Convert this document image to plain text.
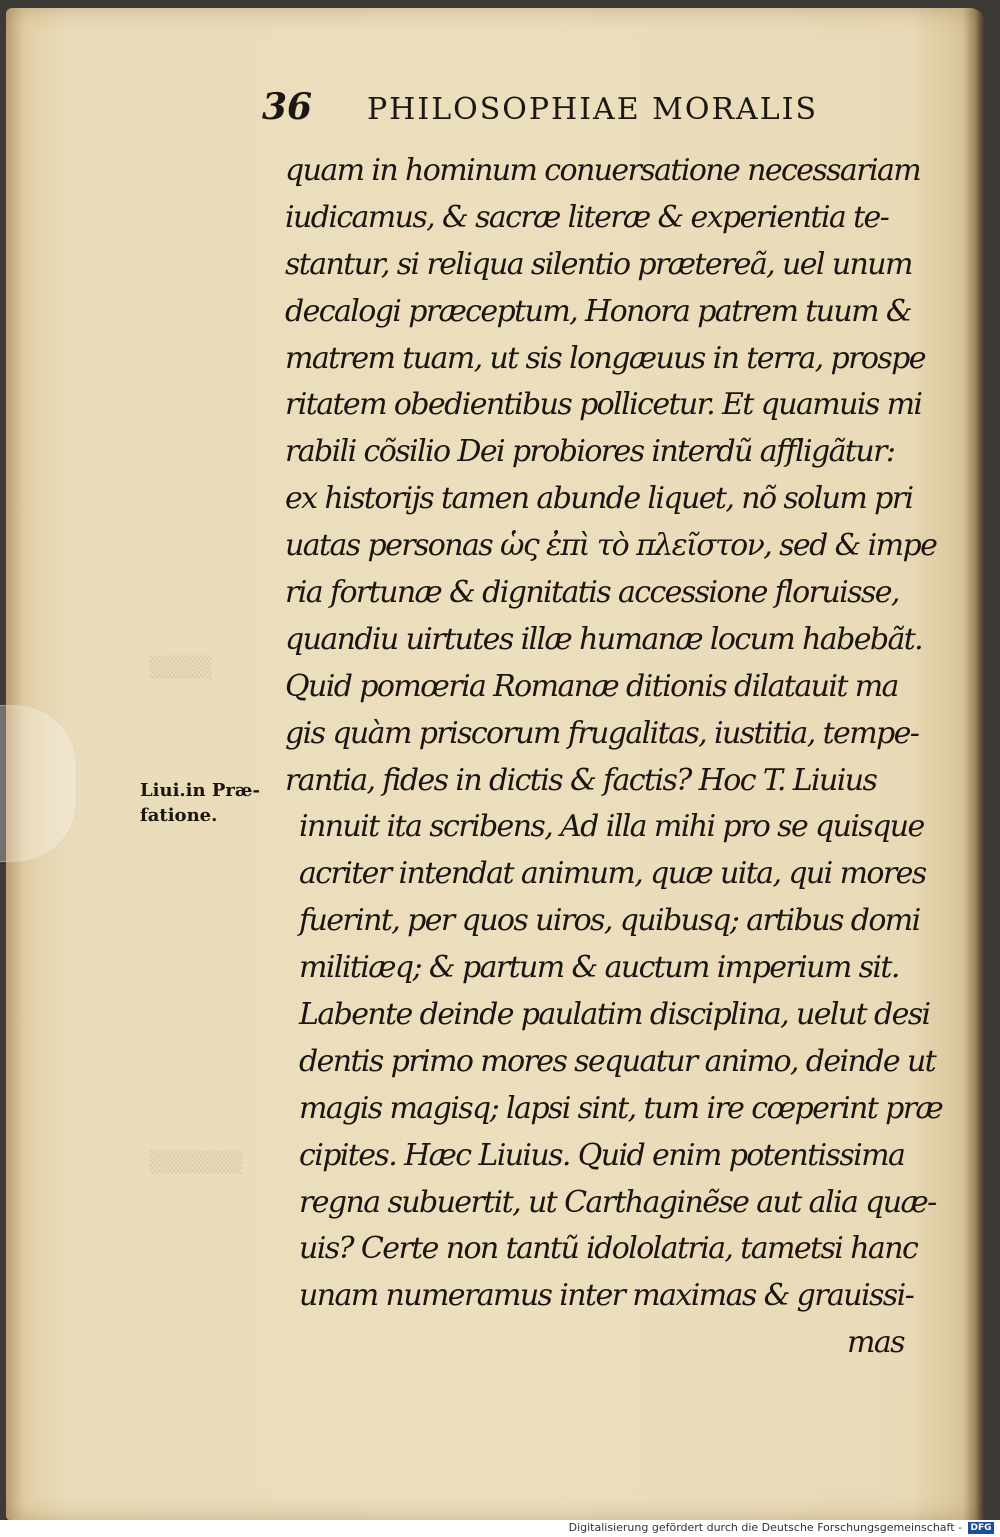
▒▒▒▒
▒▒▒▒▒▒
36 PHILOSOPHIAE MORALIS
Liui.in Præ-
fatione.
quam in hominum conuersatione necessariam
iudicamus, & sacræ literæ & experientia te-
stantur, si reliqua silentio prætereã, uel unum
decalogi præceptum, Honora patrem tuum &
matrem tuam, ut sis longæuus in terra, prospe
ritatem obedientibus pollicetur. Et quamuis mi
rabili cõsilio Dei probiores interdũ affligãtur:
ex historijs tamen abunde liquet, nõ solum pri
uatas personas ὡς ἐπὶ τὸ πλεῖστον, sed & impe
ria fortunæ & dignitatis accessione floruisse,
quandiu uirtutes illæ humanæ locum habebãt.
Quid pomœria Romanæ ditionis dilatauit ma
gis quàm priscorum frugalitas, iustitia, tempe-
rantia, fides in dictis & factis? Hoc T. Liuius
innuit ita scribens, Ad illa mihi pro se quisque
acriter intendat animum, quæ uita, qui mores
fuerint, per quos uiros, quibusq; artibus domi
militiæq; & partum & auctum imperium sit.
Labente deinde paulatim disciplina, uelut desi
dentis primo mores sequatur animo, deinde ut
magis magisq; lapsi sint, tum ire cœperint præ
cipites. Hæc Liuius. Quid enim potentissima
regna subuertit, ut Carthaginẽse aut alia quæ-
uis? Certe non tantũ idololatria, tametsi hanc
unam numeramus inter maximas & grauissi-
mas
Digitalisierung gefördert durch die Deutsche Forschungsgemeinschaft - DFG
